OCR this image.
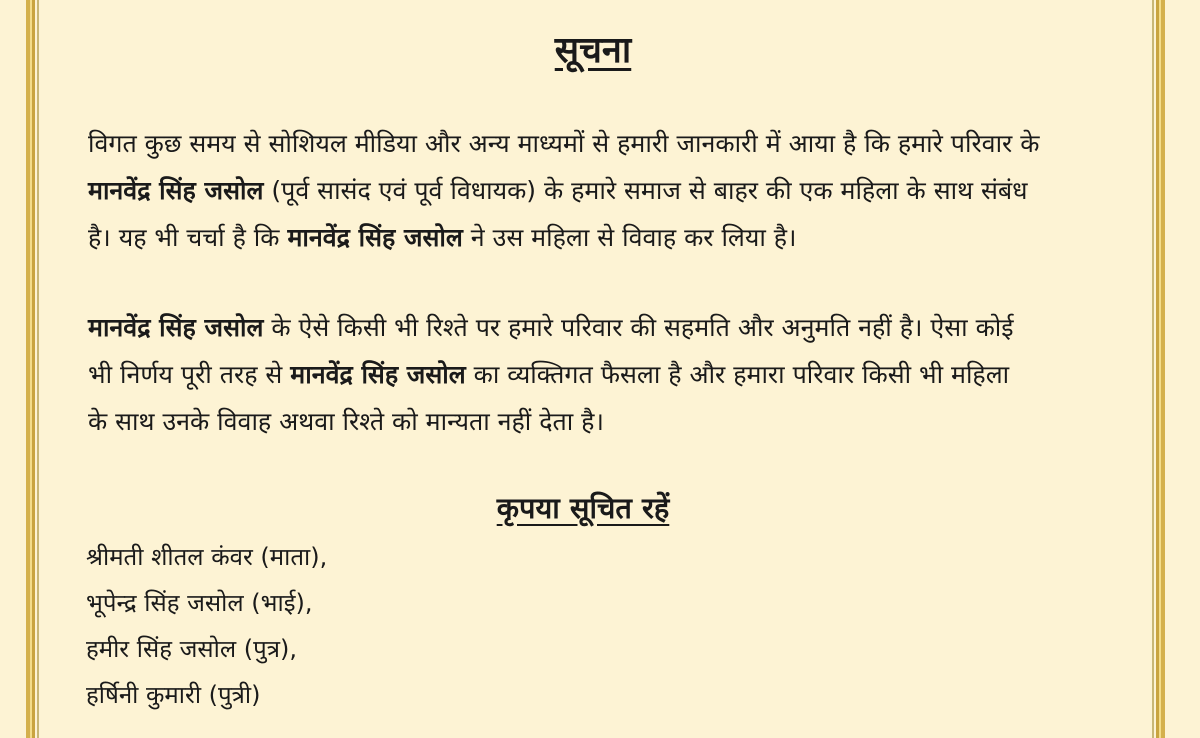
सूचना
विगत कुछ समय से सोशियल मीडिया और अन्य माध्यमों से हमारी जानकारी में आया है कि हमारे परिवार के
मानवेंद्र सिंह जसोल (पूर्व सासंद एवं पूर्व विधायक) के हमारे समाज से बाहर की एक महिला के साथ संबंध
है। यह भी चर्चा है कि मानवेंद्र सिंह जसोल ने उस महिला से विवाह कर लिया है।
मानवेंद्र सिंह जसोल के ऐसे किसी भी रिश्ते पर हमारे परिवार की सहमति और अनुमति नहीं है। ऐसा कोई
भी निर्णय पूरी तरह से मानवेंद्र सिंह जसोल का व्यक्तिगत फैसला है और हमारा परिवार किसी भी महिला
के साथ उनके विवाह अथवा रिश्ते को मान्यता नहीं देता है।
कृपया सूचित रहें
श्रीमती शीतल कंवर (माता),
भूपेन्द्र सिंह जसोल (भाई),
हमीर सिंह जसोल (पुत्र),
हर्षिनी कुमारी (पुत्री)
